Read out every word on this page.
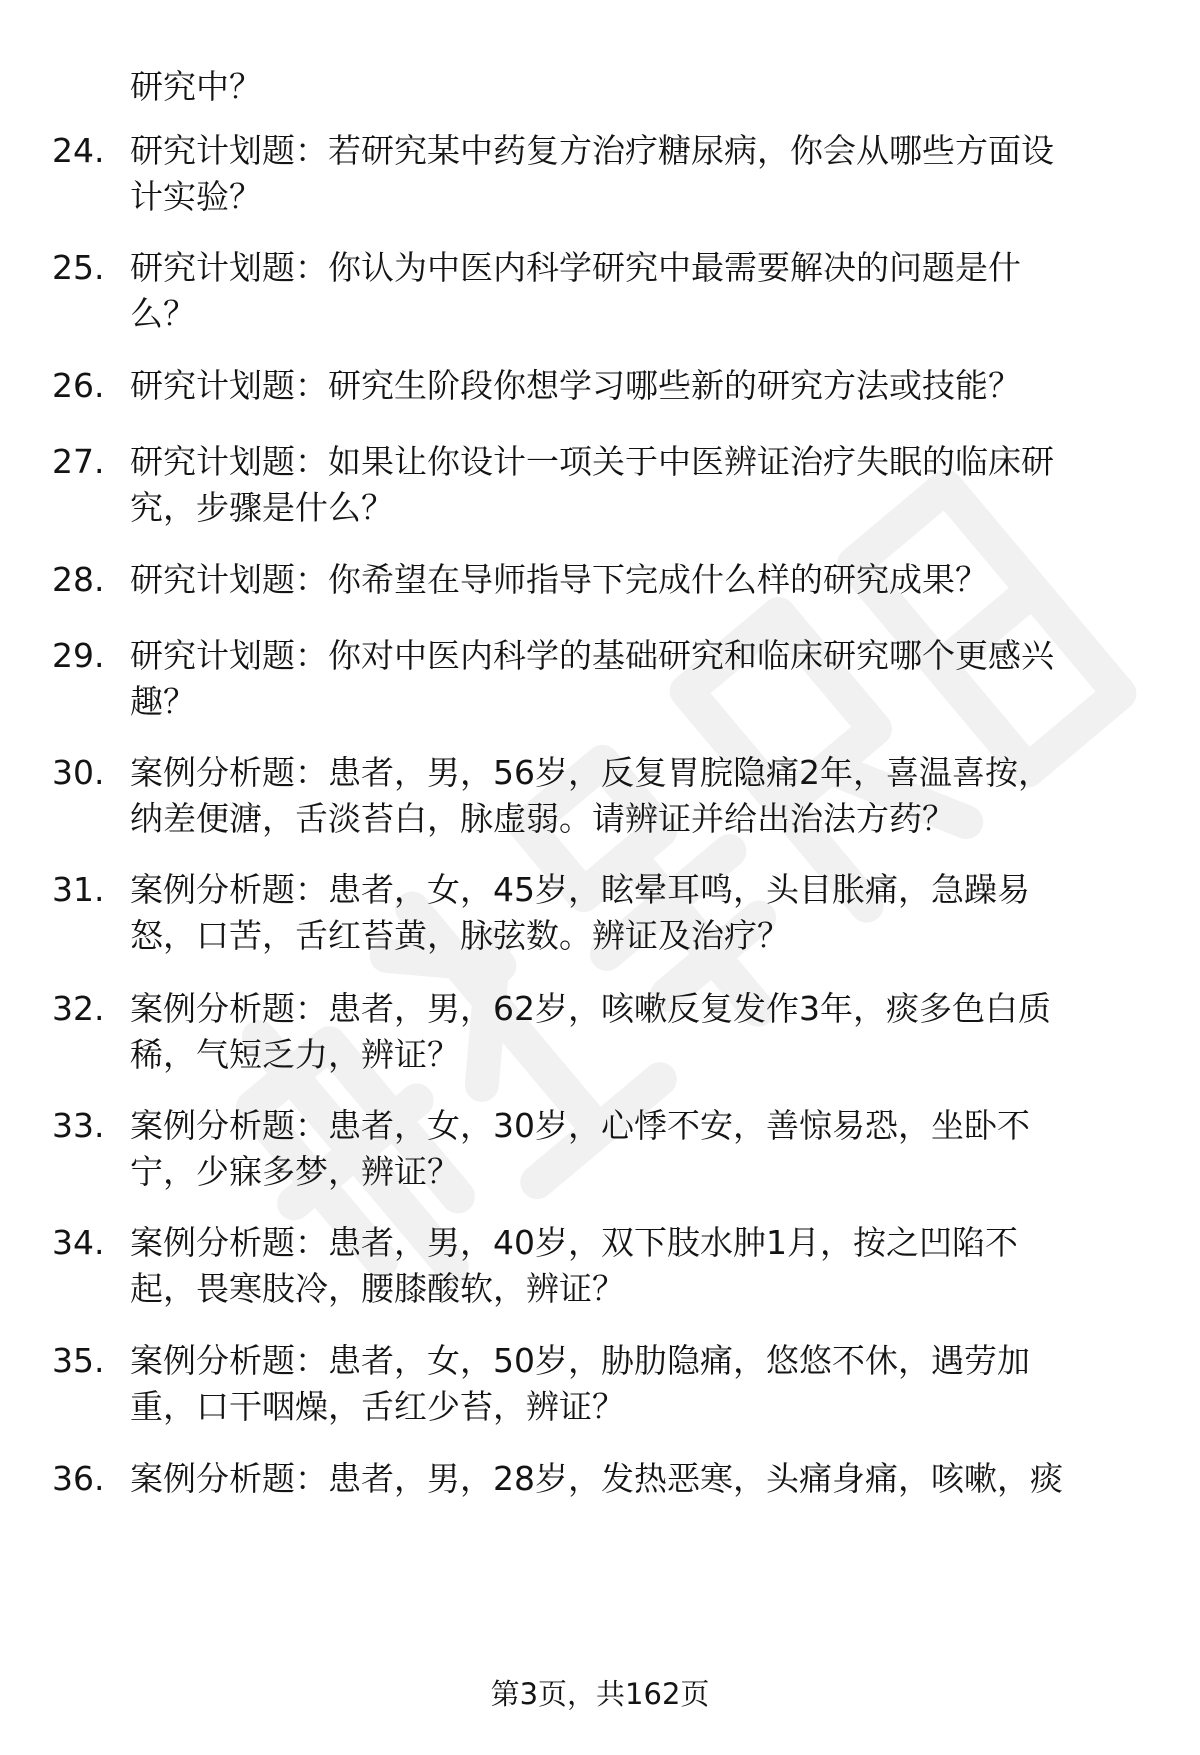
研究中？
24. 研究计划题：若研究某中药复方治疗糖尿病，你会从哪些方面设
计实验？
25. 研究计划题：你认为中医内科学研究中最需要解决的问题是什
么？
26. 研究计划题：研究生阶段你想学习哪些新的研究方法或技能？
27. 研究计划题：如果让你设计一项关于中医辨证治疗失眠的临床研
究，步骤是什么？
28. 研究计划题：你希望在导师指导下完成什么样的研究成果？
29. 研究计划题：你对中医内科学的基础研究和临床研究哪个更感兴
趣？
30. 案例分析题：患者，男，56岁，反复胃脘隐痛2年，喜温喜按，
纳差便溏，舌淡苔白，脉虚弱。请辨证并给出治法方药？
31. 案例分析题：患者，女，45岁，眩晕耳鸣，头目胀痛，急躁易
怒，口苦，舌红苔黄，脉弦数。辨证及治疗？
32. 案例分析题：患者，男，62岁，咳嗽反复发作3年，痰多色白质
稀，气短乏力，辨证？
33. 案例分析题：患者，女，30岁，心悸不安，善惊易恐，坐卧不
宁，少寐多梦，辨证？
34. 案例分析题：患者，男，40岁，双下肢水肿1月，按之凹陷不
起，畏寒肢冷，腰膝酸软，辨证？
35. 案例分析题：患者，女，50岁，胁肋隐痛，悠悠不休，遇劳加
重，口干咽燥，舌红少苔，辨证？
36. 案例分析题：患者，男，28岁，发热恶寒，头痛身痛，咳嗽，痰
第3页，共162页
